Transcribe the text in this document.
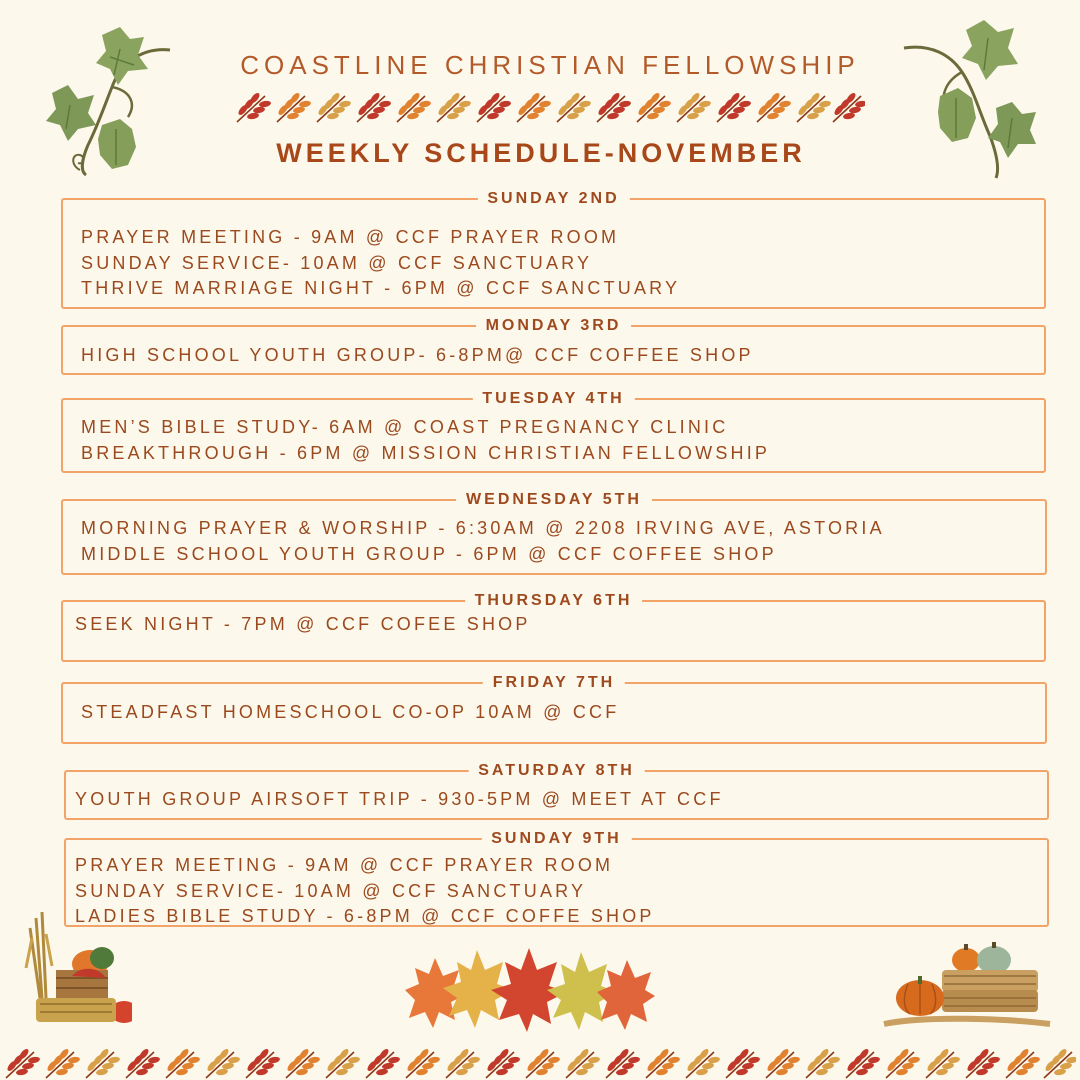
COASTLINE CHRISTIAN FELLOWSHIP
WEEKLY SCHEDULE-NOVEMBER
SUNDAY 2ND
PRAYER MEETING - 9AM @ CCF PRAYER ROOM
SUNDAY SERVICE- 10AM @ CCF SANCTUARY
THRIVE MARRIAGE NIGHT - 6PM @ CCF SANCTUARY
MONDAY 3RD
HIGH SCHOOL YOUTH GROUP- 6-8PM@ CCF COFFEE SHOP
TUESDAY 4TH
MEN’S BIBLE STUDY- 6AM @ COAST PREGNANCY CLINIC
BREAKTHROUGH - 6PM @ MISSION CHRISTIAN FELLOWSHIP
WEDNESDAY 5TH
MORNING PRAYER & WORSHIP - 6:30AM @ 2208 IRVING AVE, ASTORIA
MIDDLE SCHOOL YOUTH GROUP - 6PM @ CCF COFFEE SHOP
THURSDAY 6TH
SEEK NIGHT - 7PM @ CCF COFEE SHOP
FRIDAY 7TH
STEADFAST HOMESCHOOL CO-OP 10AM @ CCF
SATURDAY 8TH
YOUTH GROUP AIRSOFT TRIP - 930-5PM @ MEET AT CCF
SUNDAY 9TH
PRAYER MEETING - 9AM @ CCF PRAYER ROOM
SUNDAY SERVICE- 10AM @ CCF SANCTUARY
LADIES BIBLE STUDY - 6-8PM @ CCF COFFE SHOP
